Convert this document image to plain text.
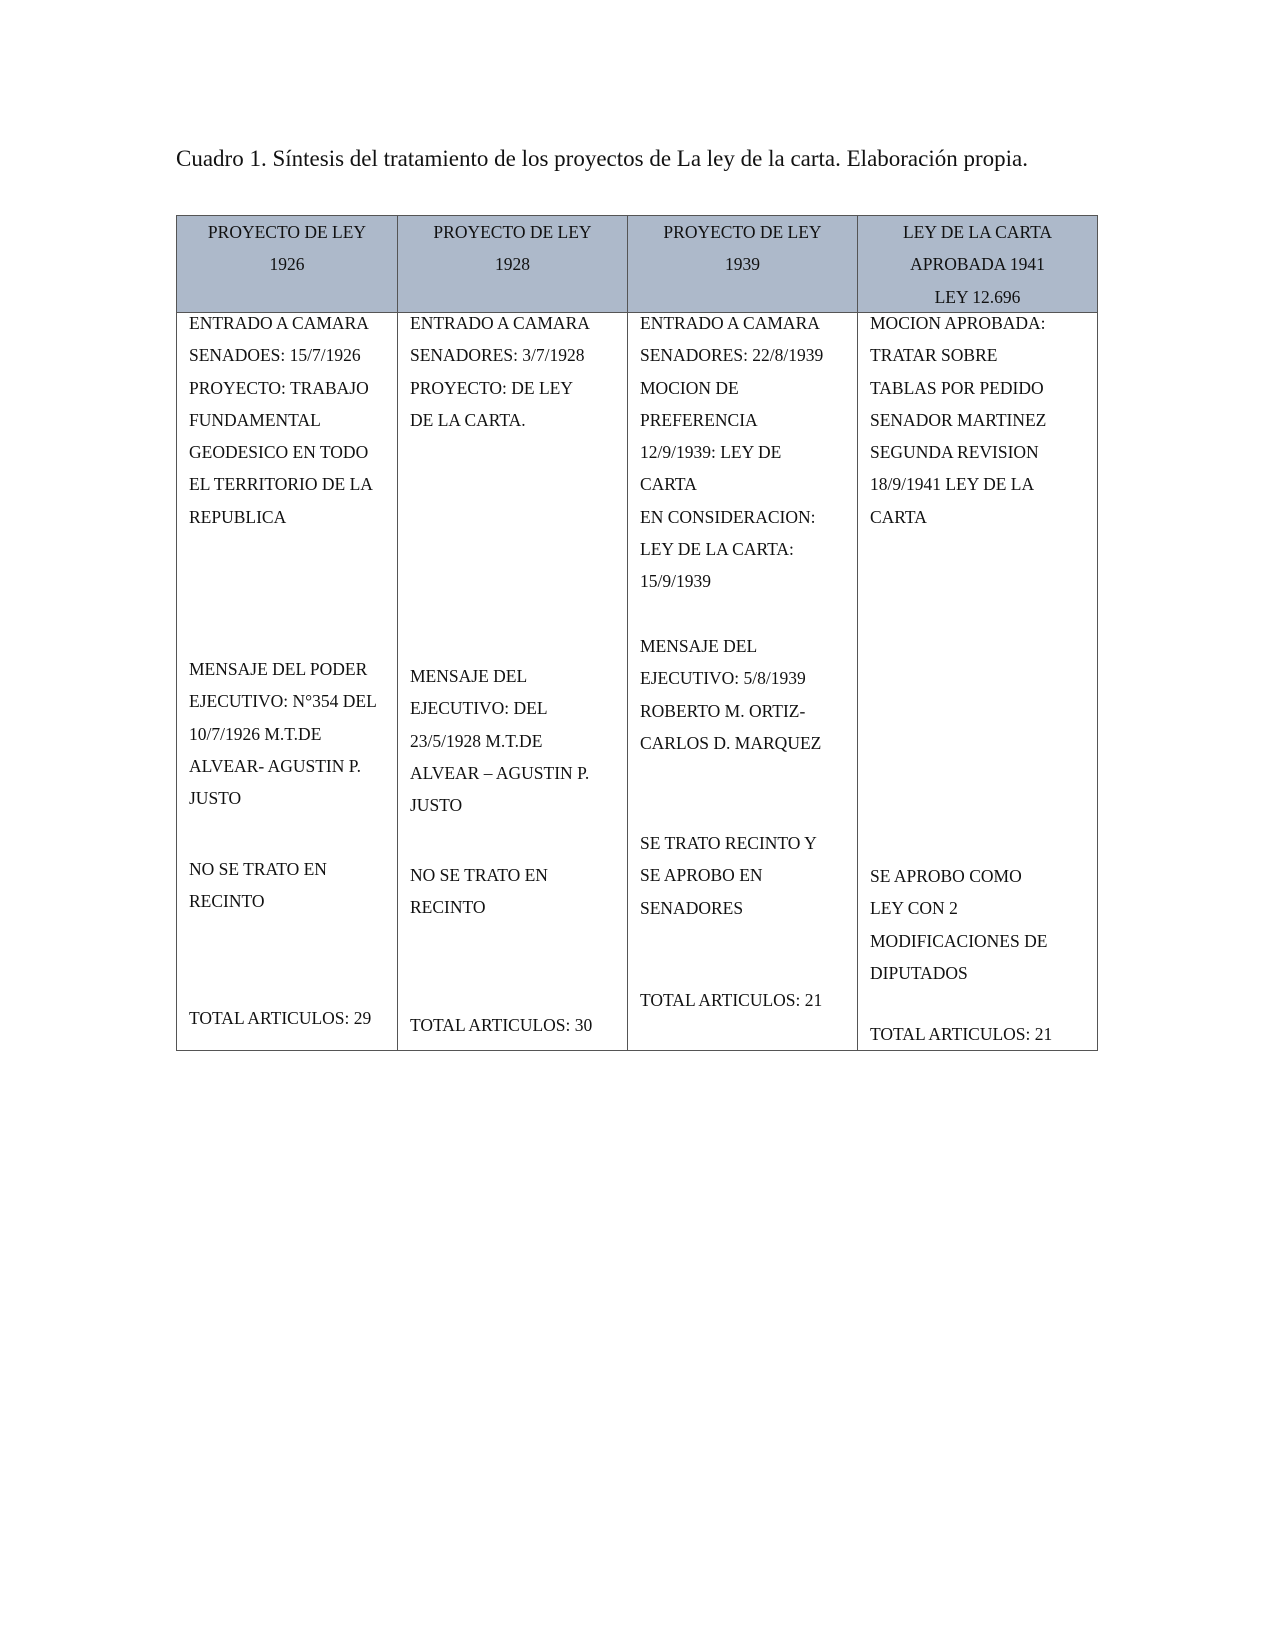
Cuadro 1. Síntesis del tratamiento de los proyectos de La ley de la carta. Elaboración propia.
PROYECTO DE LEY
1926
PROYECTO DE LEY
1928
PROYECTO DE LEY
1939
LEY DE LA CARTA
APROBADA 1941
LEY 12.696
ENTRADO A CAMARA
SENADOES: 15/7/1926
PROYECTO: TRABAJO
FUNDAMENTAL
GEODESICO EN TODO
EL TERRITORIO DE LA
REPUBLICA
MENSAJE DEL PODER
EJECUTIVO: N°354 DEL
10/7/1926 M.T.DE
ALVEAR- AGUSTIN P.
JUSTO
NO SE TRATO EN
RECINTO
TOTAL ARTICULOS: 29
ENTRADO A CAMARA
SENADORES: 3/7/1928
PROYECTO: DE LEY
DE LA CARTA.
MENSAJE DEL
EJECUTIVO: DEL
23/5/1928 M.T.DE
ALVEAR – AGUSTIN P.
JUSTO
NO SE TRATO EN
RECINTO
TOTAL ARTICULOS: 30
ENTRADO A CAMARA
SENADORES: 22/8/1939
MOCION DE
PREFERENCIA
12/9/1939: LEY DE
CARTA
EN CONSIDERACION:
LEY DE LA CARTA:
15/9/1939
MENSAJE DEL
EJECUTIVO: 5/8/1939
ROBERTO M. ORTIZ-
CARLOS D. MARQUEZ
SE TRATO RECINTO Y
SE APROBO EN
SENADORES
TOTAL ARTICULOS: 21
MOCION APROBADA:
TRATAR SOBRE
TABLAS POR PEDIDO
SENADOR MARTINEZ
SEGUNDA REVISION
18/9/1941 LEY DE LA
CARTA
SE APROBO COMO
LEY CON 2
MODIFICACIONES DE
DIPUTADOS
TOTAL ARTICULOS: 21
